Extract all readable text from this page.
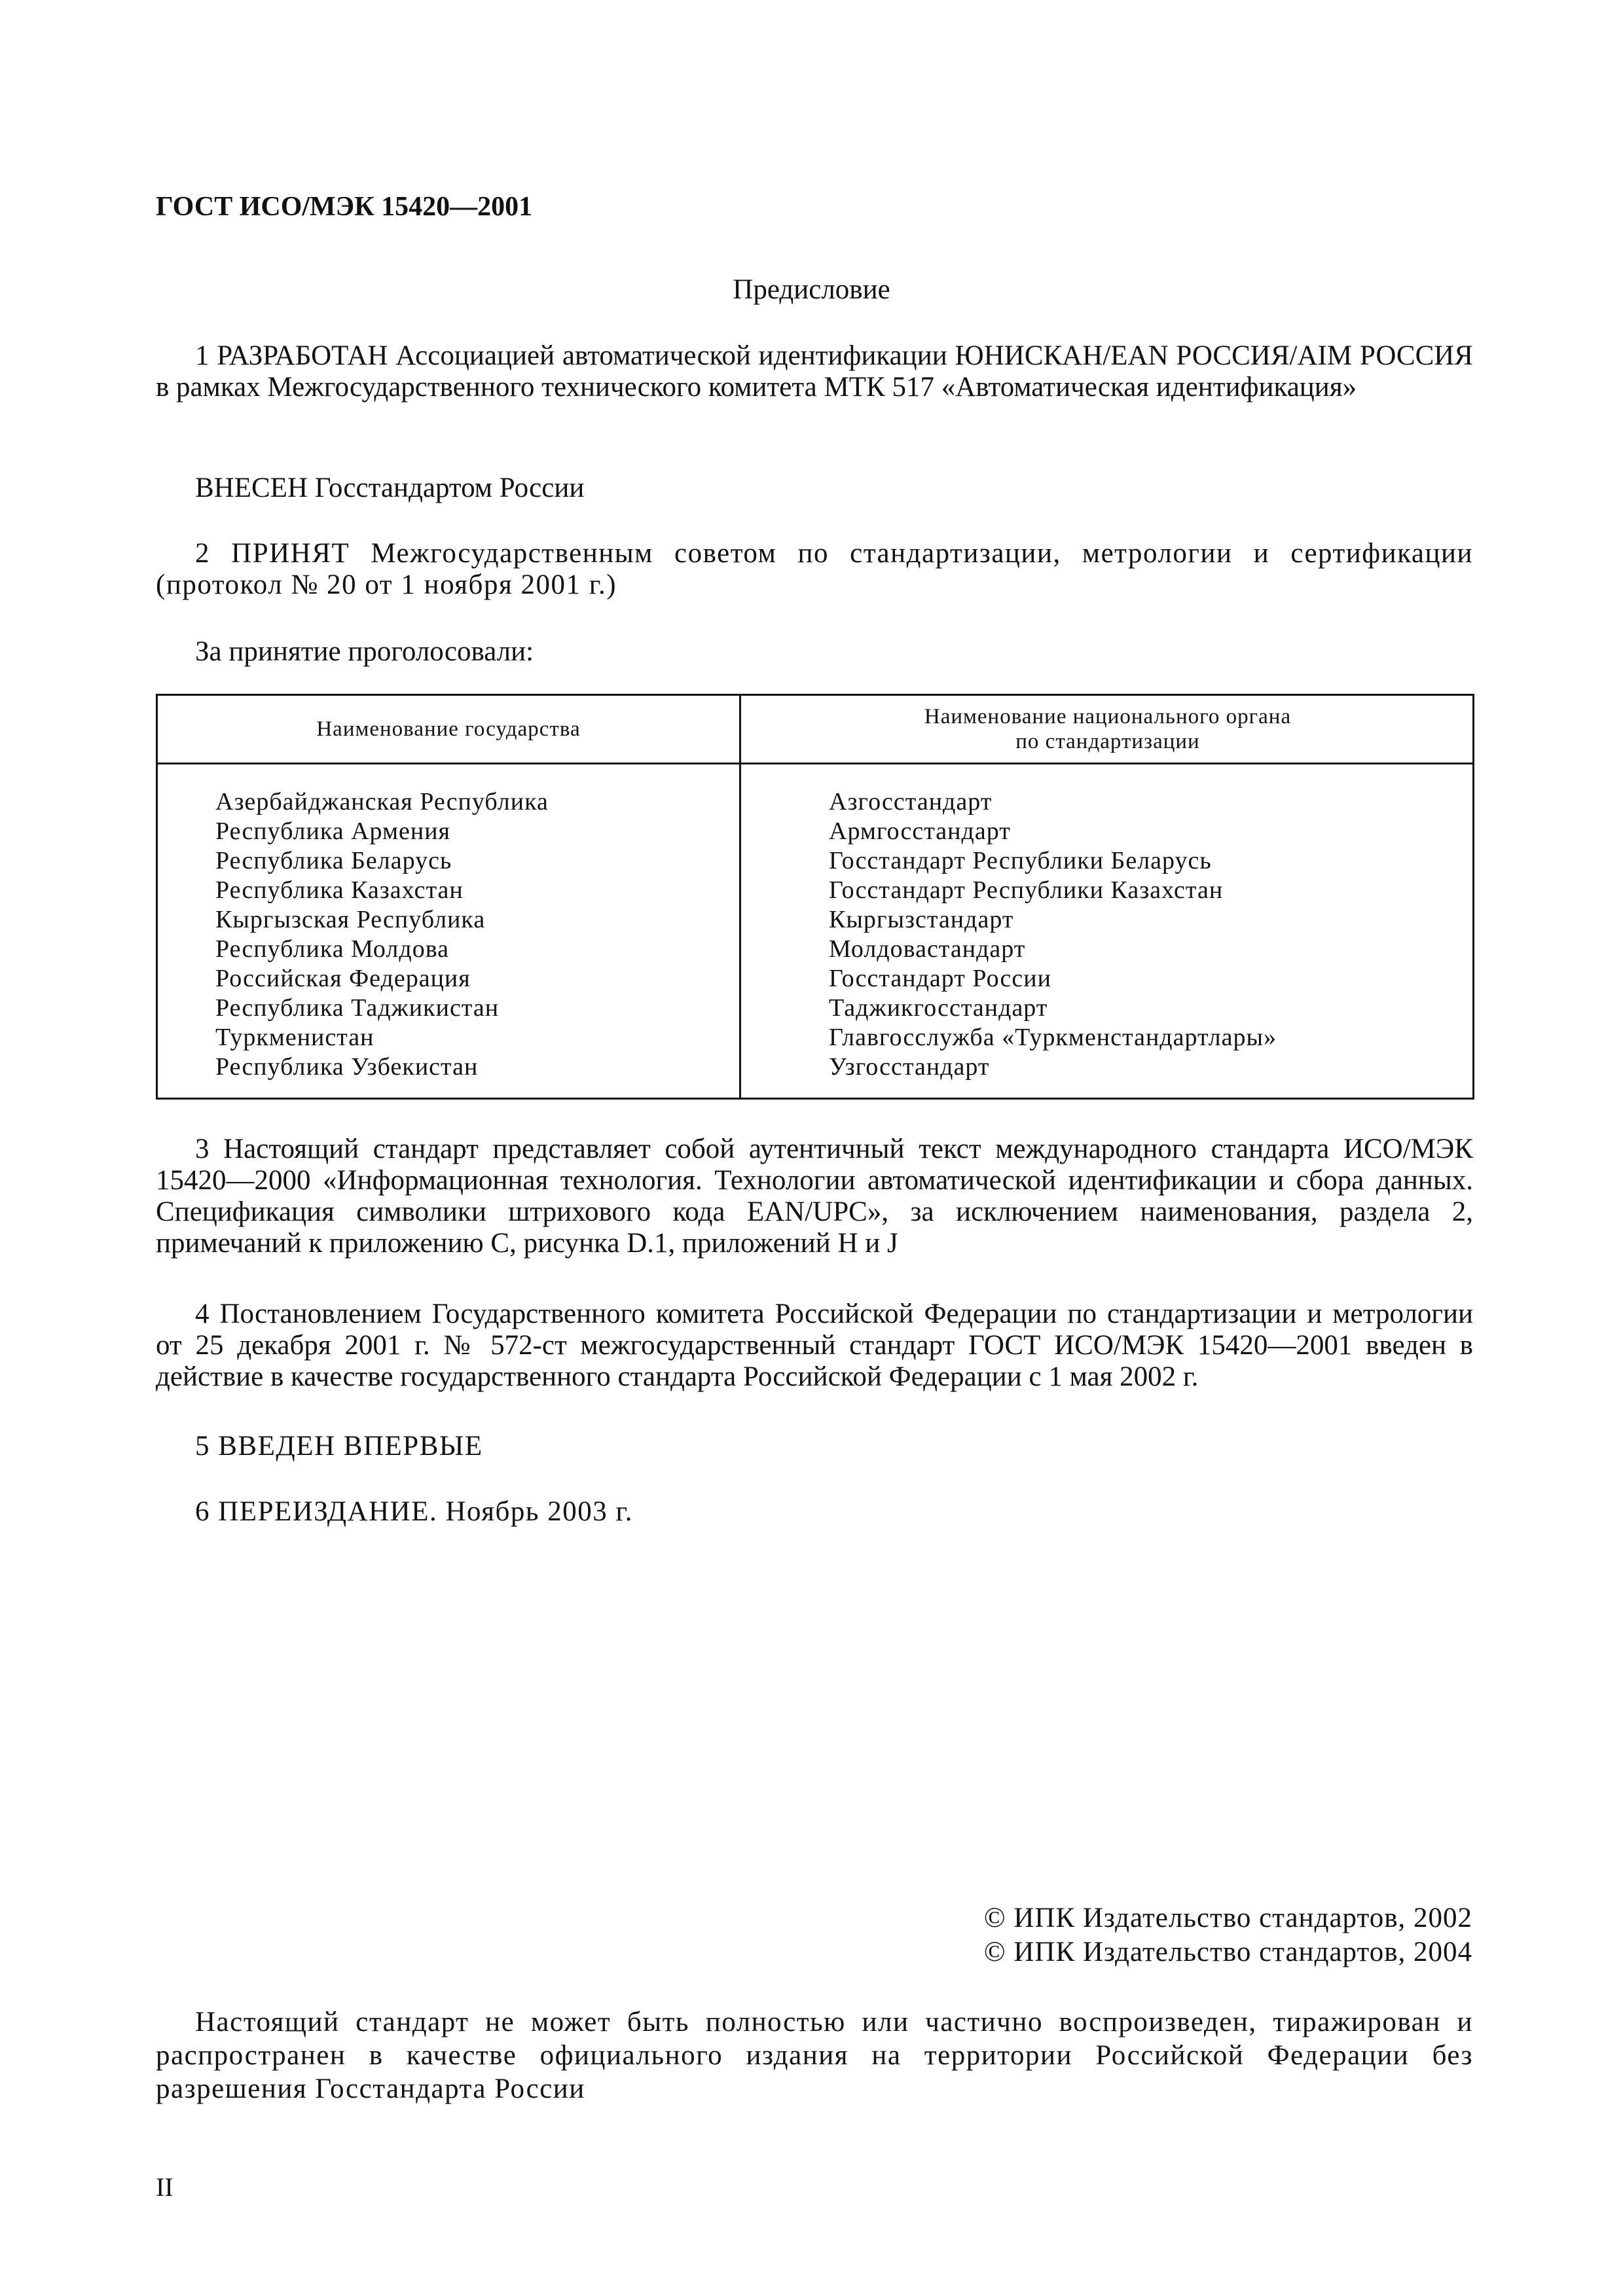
ГОСТ ИСО/МЭК 15420—2001
Предисловие

1 РАЗРАБОТАН Ассоциацией автоматической идентификации ЮНИСКАН/EAN РОССИЯ/AIM РОССИЯ в рамках Межгосударственного технического комитета МТК 517 «Автоматическая идентификация»

ВНЕСЕН Госстандартом России

2 ПРИНЯТ Межгосударственным советом по стандартизации, метрологии и сертификации (протокол № 20 от 1 ноября 2001 г.)

За принятие проголосовали:

Наименование государства
Наименование национального органа
по стандартизации
Азербайджанская Республика
Республика Армения
Республика Беларусь
Республика Казахстан
Кыргызская Республика
Республика Молдова
Российская Федерация
Республика Таджикистан
Туркменистан
Республика Узбекистан
Азгосстандарт
Армгосстандарт
Госстандарт Республики Беларусь
Госстандарт Республики Казахстан
Кыргызстандарт
Молдовастандарт
Госстандарт России
Таджикгосстандарт
Главгосслужба «Туркменстандартлары»
Узгосстандарт

3 Настоящий стандарт представляет собой аутентичный текст международного стандарта ИСО/МЭК 15420—2000 «Информационная технология. Технологии автоматической идентификации и сбора данных. Спецификация символики штрихового кода EAN/UPC», за исключением наименования, раздела 2, примечаний к приложению С, рисунка D.1, приложений H и J

4 Постановлением Государственного комитета Российской Федерации по стандартизации и метрологии от 25 декабря 2001 г. № 572-ст межгосударственный стандарт ГОСТ ИСО/МЭК 15420—2001 введен в действие в качестве государственного стандарта Российской Федерации с 1 мая 2002 г.

5 ВВЕДЕН ВПЕРВЫЕ

6 ПЕРЕИЗДАНИЕ. Ноябрь 2003 г.

© ИПК Издательство стандартов, 2002
© ИПК Издательство стандартов, 2004

Настоящий стандарт не может быть полностью или частично воспроизведен, тиражирован и распространен в качестве официального издания на территории Российской Федерации без разрешения Госстандарта России

II
